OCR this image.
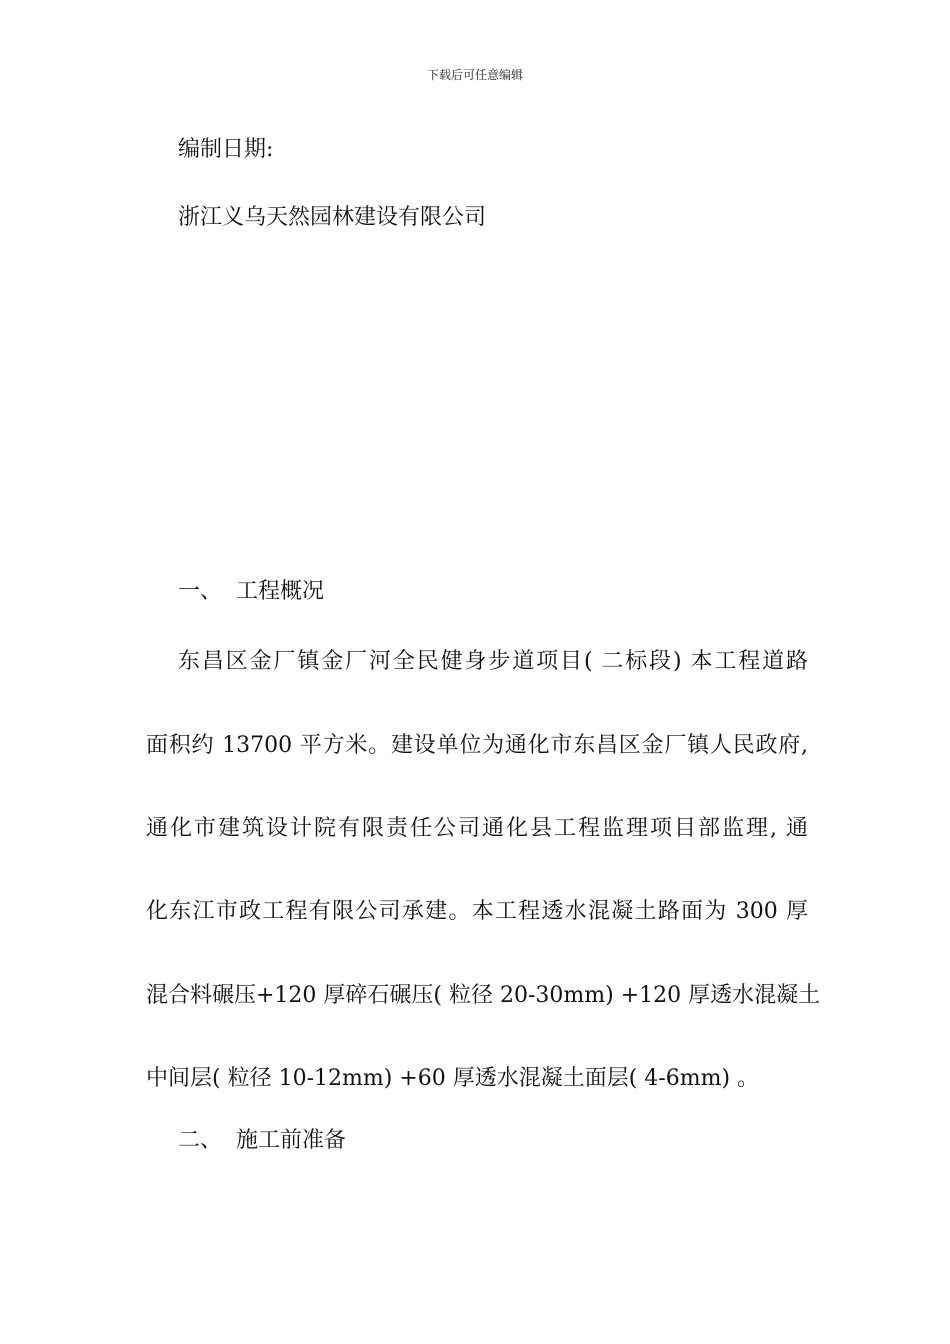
下载后可任意编辑
编制日期:
浙江义乌天然园林建设有限公司
一、 工程概况
东昌区金厂镇金厂河全民健身步道项目( 二标段) 本工程道路
面积约 13700 平方米。建设单位为通化市东昌区金厂镇人民政府,
通化市建筑设计院有限责任公司通化县工程监理项目部监理, 通
化东江市政工程有限公司承建。本工程透水混凝土路面为 300 厚
混合料碾压+120 厚碎石碾压( 粒径 20-30mm) +120 厚透水混凝土
中间层( 粒径 10-12mm) +60 厚透水混凝土面层( 4-6mm) 。
二、 施工前准备
